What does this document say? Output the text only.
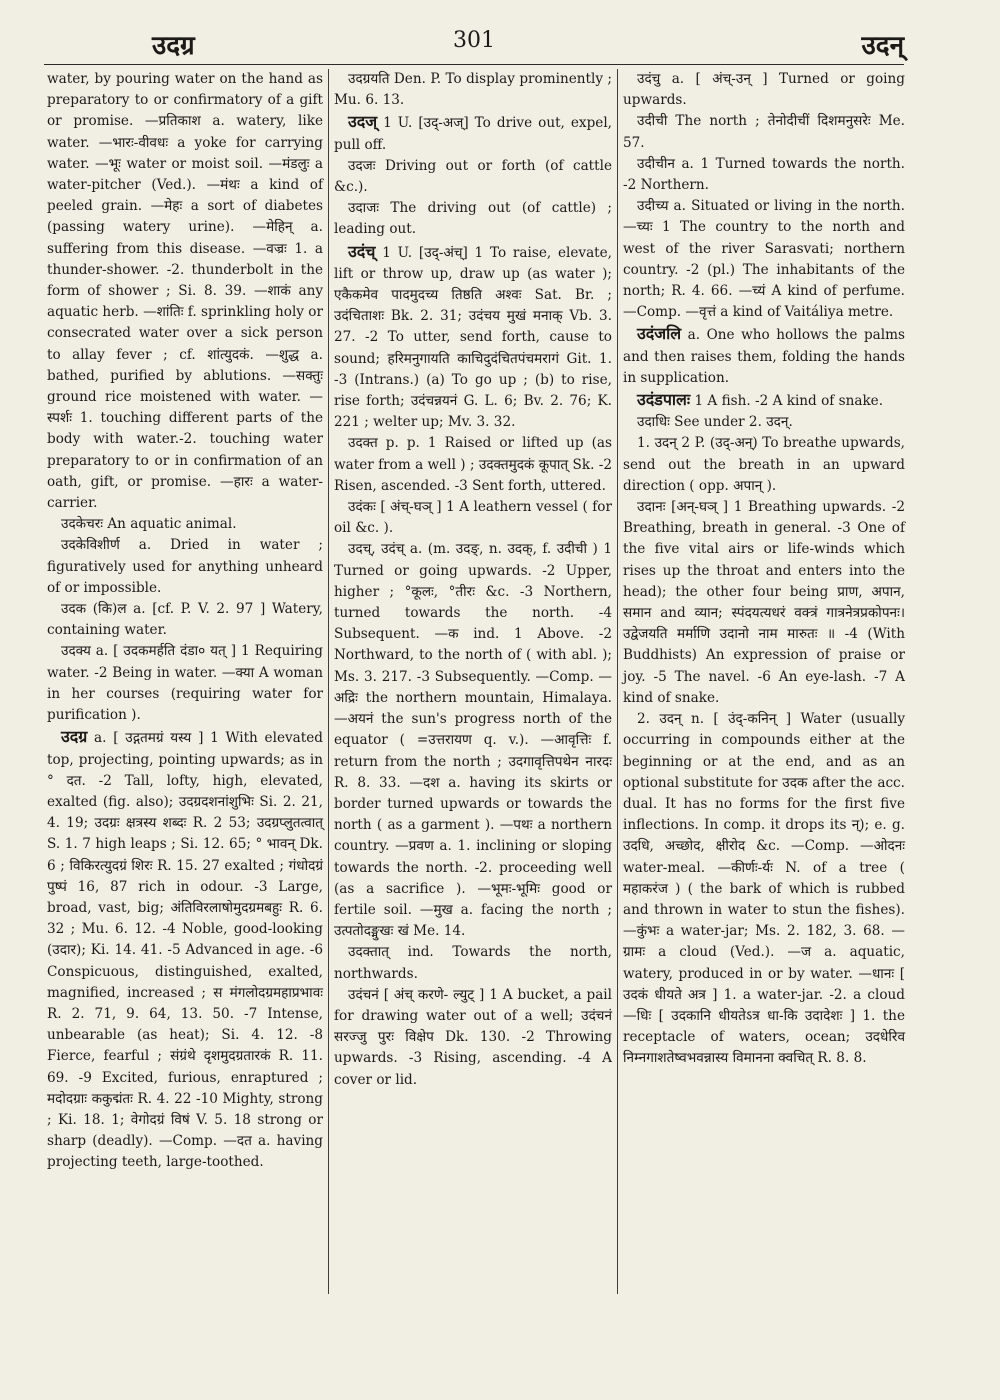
उदग्र	301	उदन्

water, by pouring water on the hand as preparatory to or confirmatory of a gift or promise. —प्रतिकाश a. watery, like water. —भारः-वीवधः a yoke for carrying water. —भूः water or moist soil. —मंडलुः a water-pitcher (Ved.). —मंथः a kind of peeled grain. —मेहः a sort of diabetes (passing watery urine). —मेहिन् a. suffering from this disease. —वज्रः 1. a thunder-shower. -2. thunderbolt in the form of shower ; Si. 8. 39. —शाकं any aquatic herb. —शांतिः f. sprinkling holy or consecrated water over a sick person to allay fever ; cf. शांत्युदकं. —शुद्ध a. bathed, purified by ablutions. —सक्तुः ground rice moistened with water. —स्पर्शः 1. touching different parts of the body with water.-2. touching water preparatory to or in confirmation of an oath, gift, or promise. —हारः a water-carrier.

उदकेचरः An aquatic animal.

उदकेविशीर्ण a. Dried in water ; figuratively used for anything unheard of or impossible.

उदक (कि)ल a. [cf. P. V. 2. 97 ] Watery, containing water.

उदक्य a. [ उदकमर्हति दंडा० यत् ] 1 Requiring water. -2 Being in water. —क्या A woman in her courses (requiring water for purification ).

उदग्र a. [ उद्गतमग्रं यस्य ] 1 With elevated top, projecting, pointing upwards; as in ° दत. -2 Tall, lofty, high, elevated, exalted (fig. also); उदग्रदशनांशुभिः Si. 2. 21, 4. 19; उदग्रः क्षत्रस्य शब्दः R. 2 53; उदग्रप्लुतत्वात् S. 1. 7 high leaps ; Si. 12. 65; ° भावन् Dk. 6 ; विकिरत्युदग्रं शिरः R. 15. 27 exalted ; गंधोदग्रं पुष्पं 16, 87 rich in odour. -3 Large, broad, vast, big; अंतिविरलाषोमुदग्रमबहुः R. 6. 32 ; Mu. 6. 12. -4 Noble, good-looking (उदार); Ki. 14. 41. -5 Advanced in age. -6 Conspicuous, distinguished, exalted, magnified, increased ; स मंगलोदग्रमहाप्रभावः R. 2. 71, 9. 64, 13. 50. -7 Intense, unbearable (as heat); Si. 4. 12. -8 Fierce, fearful ; संग्रंथे दृशमुदग्रतारकं R. 11. 69. -9 Excited, furious, enraptured ; मदोदग्राः ककुद्मंतः R. 4. 22 -10 Mighty, strong ; Ki. 18. 1; वेगोदग्रं विषं V. 5. 18 strong or sharp (deadly). —Comp. —दत a. having projecting teeth, large-toothed.

उदग्रयति Den. P. To display prominently ; Mu. 6. 13.

उदज् 1 U. [उद्-अज्] To drive out, expel, pull off.

उदजः Driving out or forth (of cattle &c.).

उदाजः The driving out (of cattle) ; leading out.

उदंच् 1 U. [उद्-अंच्] 1 To raise, elevate, lift or throw up, draw up (as water ); एकैकमेव पादमुदच्य तिष्ठति अश्वः Sat. Br. ; उदंचिताशः Bk. 2. 31; उदंचय मुखं मनाक् Vb. 3. 27. -2 To utter, send forth, cause to sound; हरिमनुगायति काचिदुदंचितपंचमरागं Git. 1. -3 (Intrans.) (a) To go up ; (b) to rise, rise forth; उदंचन्नयनं G. L. 6; Bv. 2. 76; K. 221 ; welter up; Mv. 3. 32.

उदक्त p. p. 1 Raised or lifted up (as water from a well ) ; उदक्तमुदकं कूपात् Sk. -2 Risen, ascended. -3 Sent forth, uttered.

उदंकः [ अंच्-घञ् ] 1 A leathern vessel ( for oil &c. ).

उदच्, उदंच् a. (m. उदङ्, n. उदक्, f. उदीची ) 1 Turned or going upwards. -2 Upper, higher ; °कूलः, °तीरः &c. -3 Northern, turned towards the north. -4 Subsequent. —क ind. 1 Above. -2 Northward, to the north of ( with abl. ); Ms. 3. 217. -3 Subsequently. —Comp. —अद्रिः the northern mountain, Himalaya. —अयनं the sun's progress north of the equator ( =उत्तरायण q. v.). —आवृत्तिः f. return from the north ; उदगावृत्तिपथेन नारदः R. 8. 33. —दश a. having its skirts or border turned upwards or towards the north ( as a garment ). —पथः a northern country. —प्रवण a. 1. inclining or sloping towards the north. -2. proceeding well (as a sacrifice ). —भूमः-भूमिः good or fertile soil. —मुख a. facing the north ; उत्पतोदङ्मुखः खं Me. 14.

उदक्तात् ind. Towards the north, northwards.

उदंचनं [ अंच् करणे- ल्युट् ] 1 A bucket, a pail for drawing water out of a well; उदंचनं सरज्जु पुरः विक्षेप Dk. 130. -2 Throwing upwards. -3 Rising, ascending. -4 A cover or lid.

उदंचु a. [ अंच्-उन् ] Turned or going upwards.

उदीची The north ; तेनोदीचीं दिशमनुसरेः Me. 57.

उदीचीन a. 1 Turned towards the north. -2 Northern.

उदीच्य a. Situated or living in the north. —च्यः 1 The country to the north and west of the river Sarasvati; northern country. -2 (pl.) The inhabitants of the north; R. 4. 66. —च्यं A kind of perfume. —Comp. —वृत्तं a kind of Vaitáliya metre.

उदंजलि a. One who hollows the palms and then raises them, folding the hands in supplication.

उदंडपालः 1 A fish. -2 A kind of snake.

उदाधिः See under 2. उदन्.

1. उदन् 2 P. (उद्-अन्) To breathe upwards, send out the breath in an upward direction ( opp. अपान् ).

उदानः [अन्-घञ् ] 1 Breathing upwards. -2 Breathing, breath in general. -3 One of the five vital airs or life-winds which rises up the throat and enters into the head); the other four being प्राण, अपान, समान and व्यान; स्पंदयत्यधरं वक्त्रं गात्रनेत्रप्रकोपनः। उद्वेजयति मर्माणि उदानो नाम मारुतः ॥ -4 (With Buddhists) An expression of praise or joy. -5 The navel. -6 An eye-lash. -7 A kind of snake.

2. उदन् n. [ उंद्-कनिन् ] Water (usually occurring in compounds either at the beginning or at the end, and as an optional substitute for उदक after the acc. dual. It has no forms for the first five inflections. In comp. it drops its न्); e. g. उदधि, अच्छोद, क्षीरोद &c. —Comp. —ओदनः water-meal. —कीर्णः-र्यः N. of a tree ( महाकरंज ) ( the bark of which is rubbed and thrown in water to stun the fishes). —कुंभः a water-jar; Ms. 2. 182, 3. 68. —ग्रामः a cloud (Ved.). —ज a. aquatic, watery, produced in or by water. —धानः [ उदकं धीयते अत्र ] 1. a water-jar. -2. a cloud —धिः [ उदकानि धीयतेऽत्र धा-कि उदादेशः ] 1. the receptacle of waters, ocean; उदधेरिव निम्नगाशतेष्वभवन्नास्य विमानना क्वचित् R. 8. 8.
